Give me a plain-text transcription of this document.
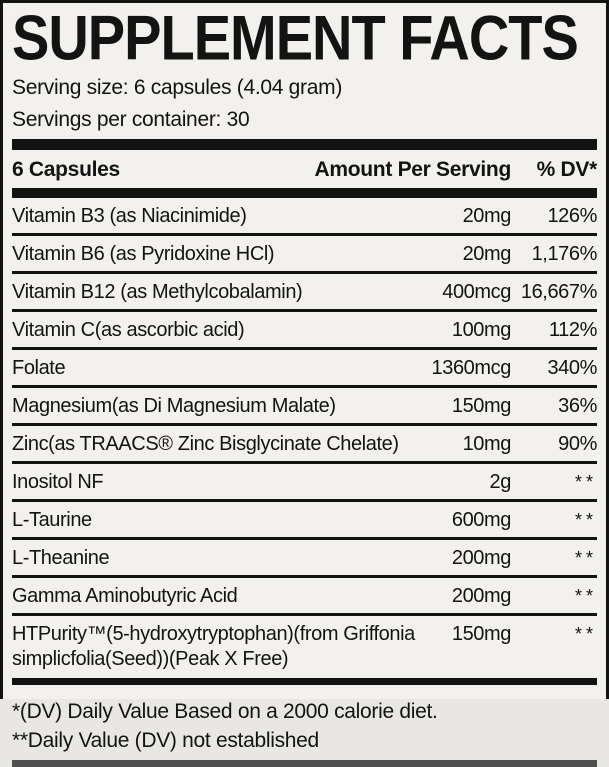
SUPPLEMENT FACTS
Serving size: 6 capsules (4.04 gram)
Servings per container: 30
6 Capsules	Amount Per Serving	% DV*
Vitamin B3 (as Niacinimide)	20mg	126%
Vitamin B6 (as Pyridoxine HCl)	20mg	1,176%
Vitamin B12 (as Methylcobalamin)	400mcg 16,667%
Vitamin C(as ascorbic acid)	100mg	112%
Folate	1360mcg	340%
Magnesium(as Di Magnesium Malate)	150mg	36%
Zinc(as TRAACS® Zinc Bisglycinate Chelate)	10mg	90%
Inositol NF	2g	**
L-Taurine	600mg	**
L-Theanine	200mg	**
Gamma Aminobutyric Acid	200mg	**
HTPurity™(5-hydroxytryptophan)(from Griffonia simplicfolia(Seed))(Peak X Free)
150mg	**
*(DV) Daily Value Based on a 2000 calorie diet.
**Daily Value (DV) not established
